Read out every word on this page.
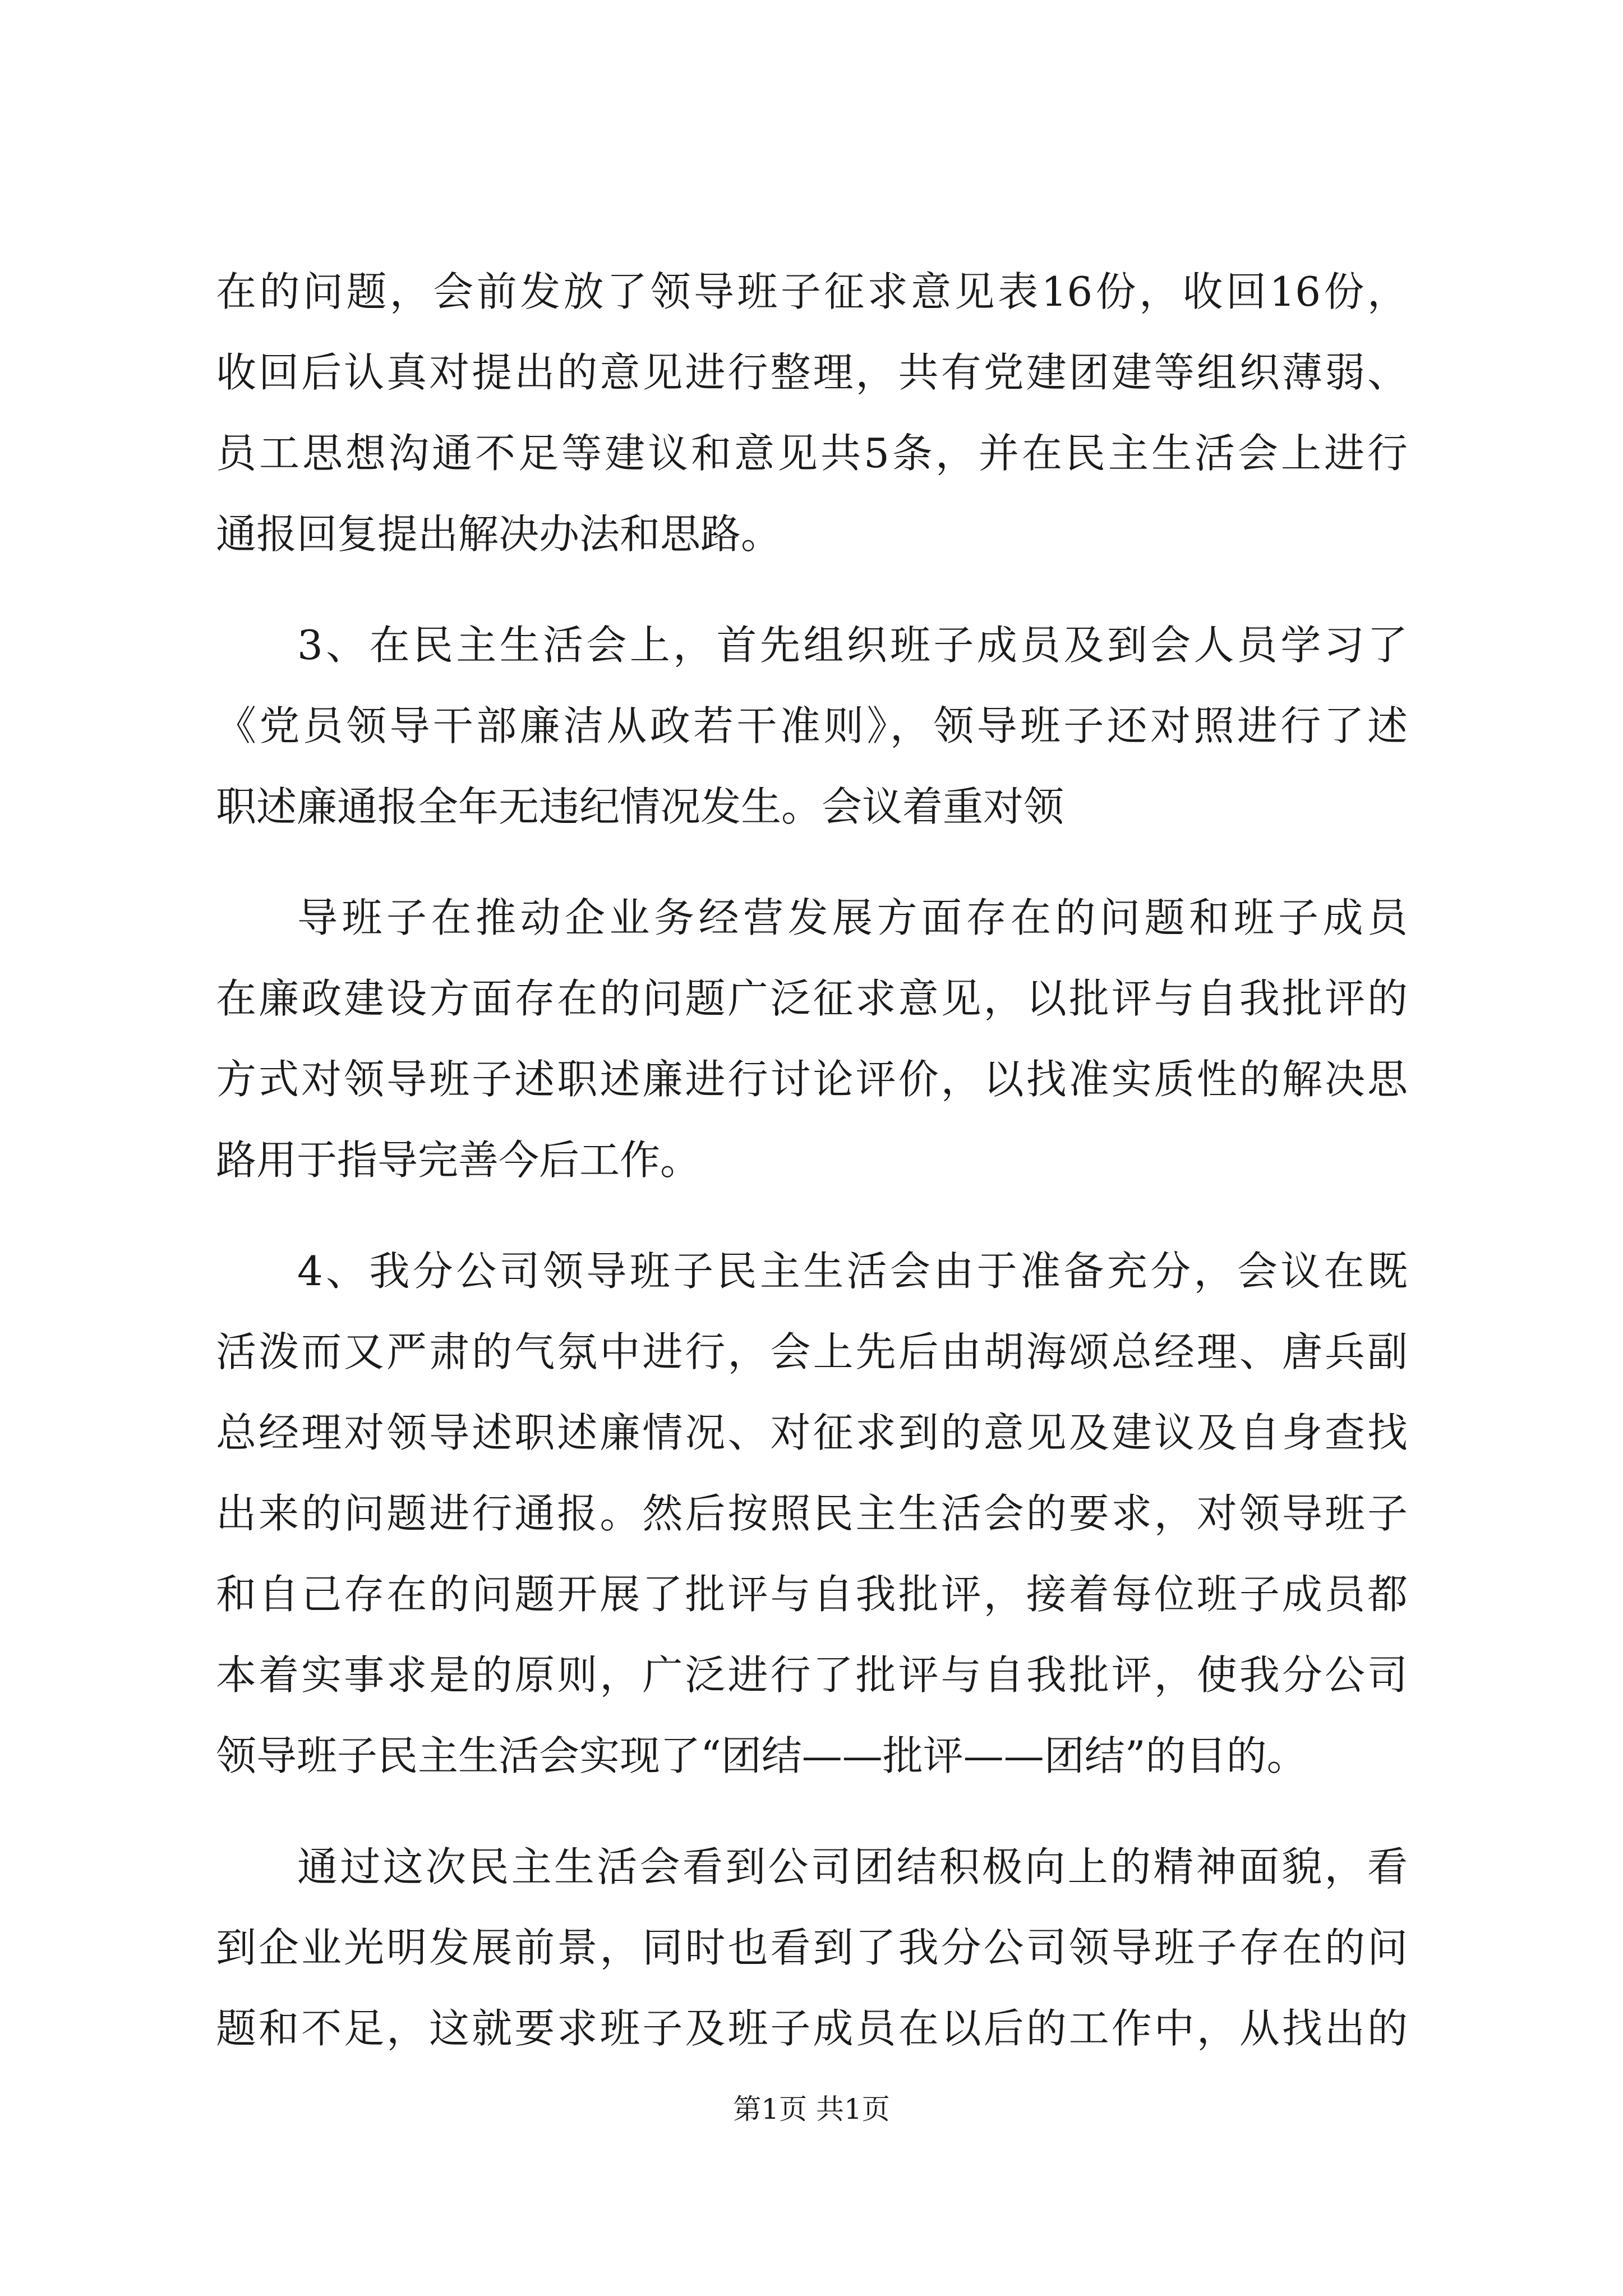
在的问题，会前发放了领导班子征求意见表16份，收回16份，
收回后认真对提出的意见进行整理，共有党建团建等组织薄弱、
员工思想沟通不足等建议和意见共5条，并在民主生活会上进行
通报回复提出解决办法和思路。
3、在民主生活会上，首先组织班子成员及到会人员学习了
《党员领导干部廉洁从政若干准则》，领导班子还对照进行了述
职述廉通报全年无违纪情况发生。会议着重对领
导班子在推动企业务经营发展方面存在的问题和班子成员
在廉政建设方面存在的问题广泛征求意见，以批评与自我批评的
方式对领导班子述职述廉进行讨论评价，以找准实质性的解决思
路用于指导完善今后工作。
4、我分公司领导班子民主生活会由于准备充分，会议在既
活泼而又严肃的气氛中进行，会上先后由胡海颂总经理、唐兵副
总经理对领导述职述廉情况、对征求到的意见及建议及自身查找
出来的问题进行通报。然后按照民主生活会的要求，对领导班子
和自己存在的问题开展了批评与自我批评，接着每位班子成员都
本着实事求是的原则，广泛进行了批评与自我批评，使我分公司
领导班子民主生活会实现了“团结——批评——团结”的目的。
通过这次民主生活会看到公司团结积极向上的精神面貌，看
到企业光明发展前景，同时也看到了我分公司领导班子存在的问
题和不足，这就要求班子及班子成员在以后的工作中，从找出的
第1页 共1页
